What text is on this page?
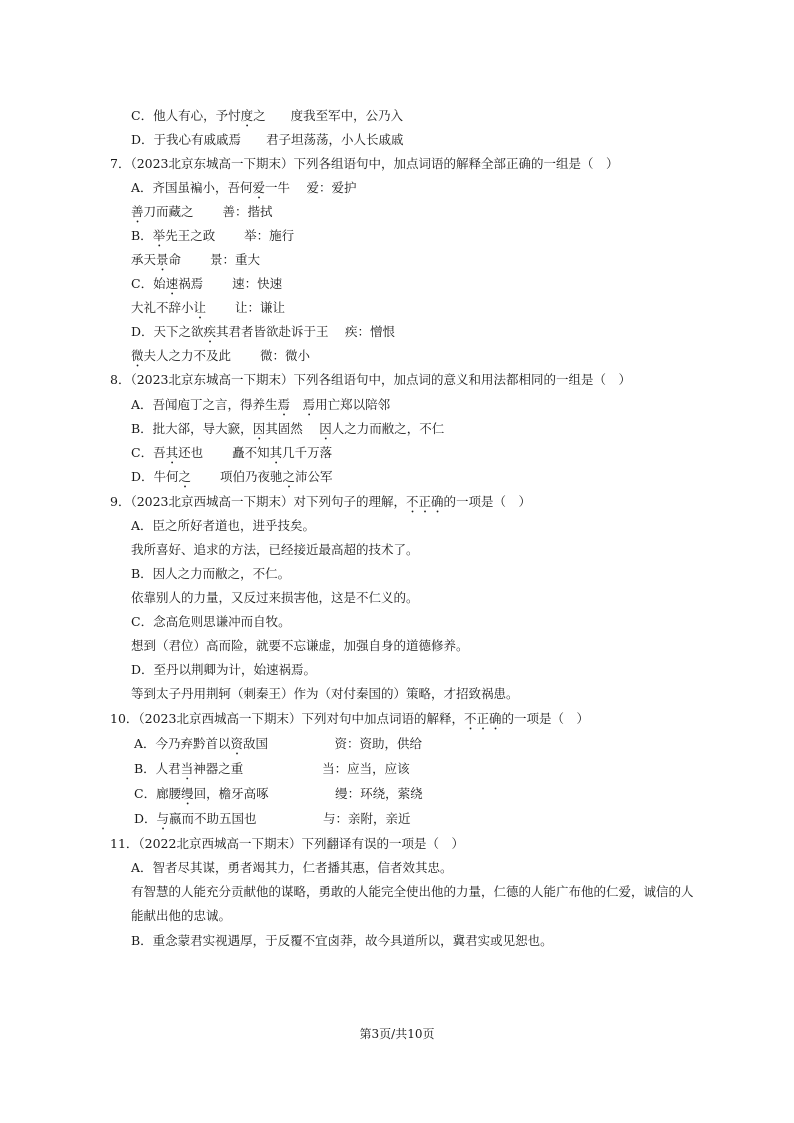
C．他人有心，予忖度之　　度我至军中，公乃入
D．于我心有戚戚焉　　君子坦荡荡，小人长戚戚
7．（2023北京东城高一下期末）下列各组语句中，加点词语的解释全部正确的一组是（　）
A．齐国虽褊小，吾何爱一牛　 爱：爱护
善刀而藏之　　 善：揩拭
B．举先王之政　　 举：施行
承天景命　　 景：重大
C．始速祸焉　　 速：快速
大礼不辞小让　　 让：谦让
D．天下之欲疾其君者皆欲赴诉于王　 疾：憎恨
微夫人之力不及此　　 微：微小
8．（2023北京东城高一下期末）下列各组语句中，加点词的意义和用法都相同的一组是（　）
A．吾闻庖丁之言，得养生焉　 焉用亡郑以陪邻
B．批大郤，导大窾，因其固然　 因人之力而敝之，不仁
C．吾其还也　　 矗不知其几千万落
D．牛何之　　 项伯乃夜驰之沛公军
9．（2023北京西城高一下期末）对下列句子的理解，不正确的一项是（　）
A．臣之所好者道也，进乎技矣。
我所喜好、追求的方法，已经接近最高超的技术了。
B．因人之力而敝之，不仁。
依靠别人的力量，又反过来损害他，这是不仁义的。
C．念高危则思谦冲而自牧。
想到（君位）高而险，就要不忘谦虚，加强自身的道德修养。
D．至丹以荆卿为计，始速祸焉。
等到太子丹用荆轲（刺秦王）作为（对付秦国的）策略，才招致祸患。
10．（2023北京西城高一下期末）下列对句中加点词语的解释，不正确的一项是（　）
A．今乃弃黔首以资敌国　　　　　 资：资助，供给
B．人君当神器之重　　　　　　 当：应当，应该
C．廊腰缦回，檐牙高啄　　　　　 缦：环绕，萦绕
D．与嬴而不助五国也　　　　　 与：亲附，亲近
11．（2022北京西城高一下期末）下列翻译有误的一项是（　）
A．智者尽其谋，勇者竭其力，仁者播其惠，信者效其忠。
有智慧的人能充分贡献他的谋略，勇敢的人能完全使出他的力量，仁德的人能广布他的仁爱，诚信的人
能献出他的忠诚。
B．重念蒙君实视遇厚，于反覆不宜卤莽，故今具道所以，冀君实或见恕也。
第3页/共10页
